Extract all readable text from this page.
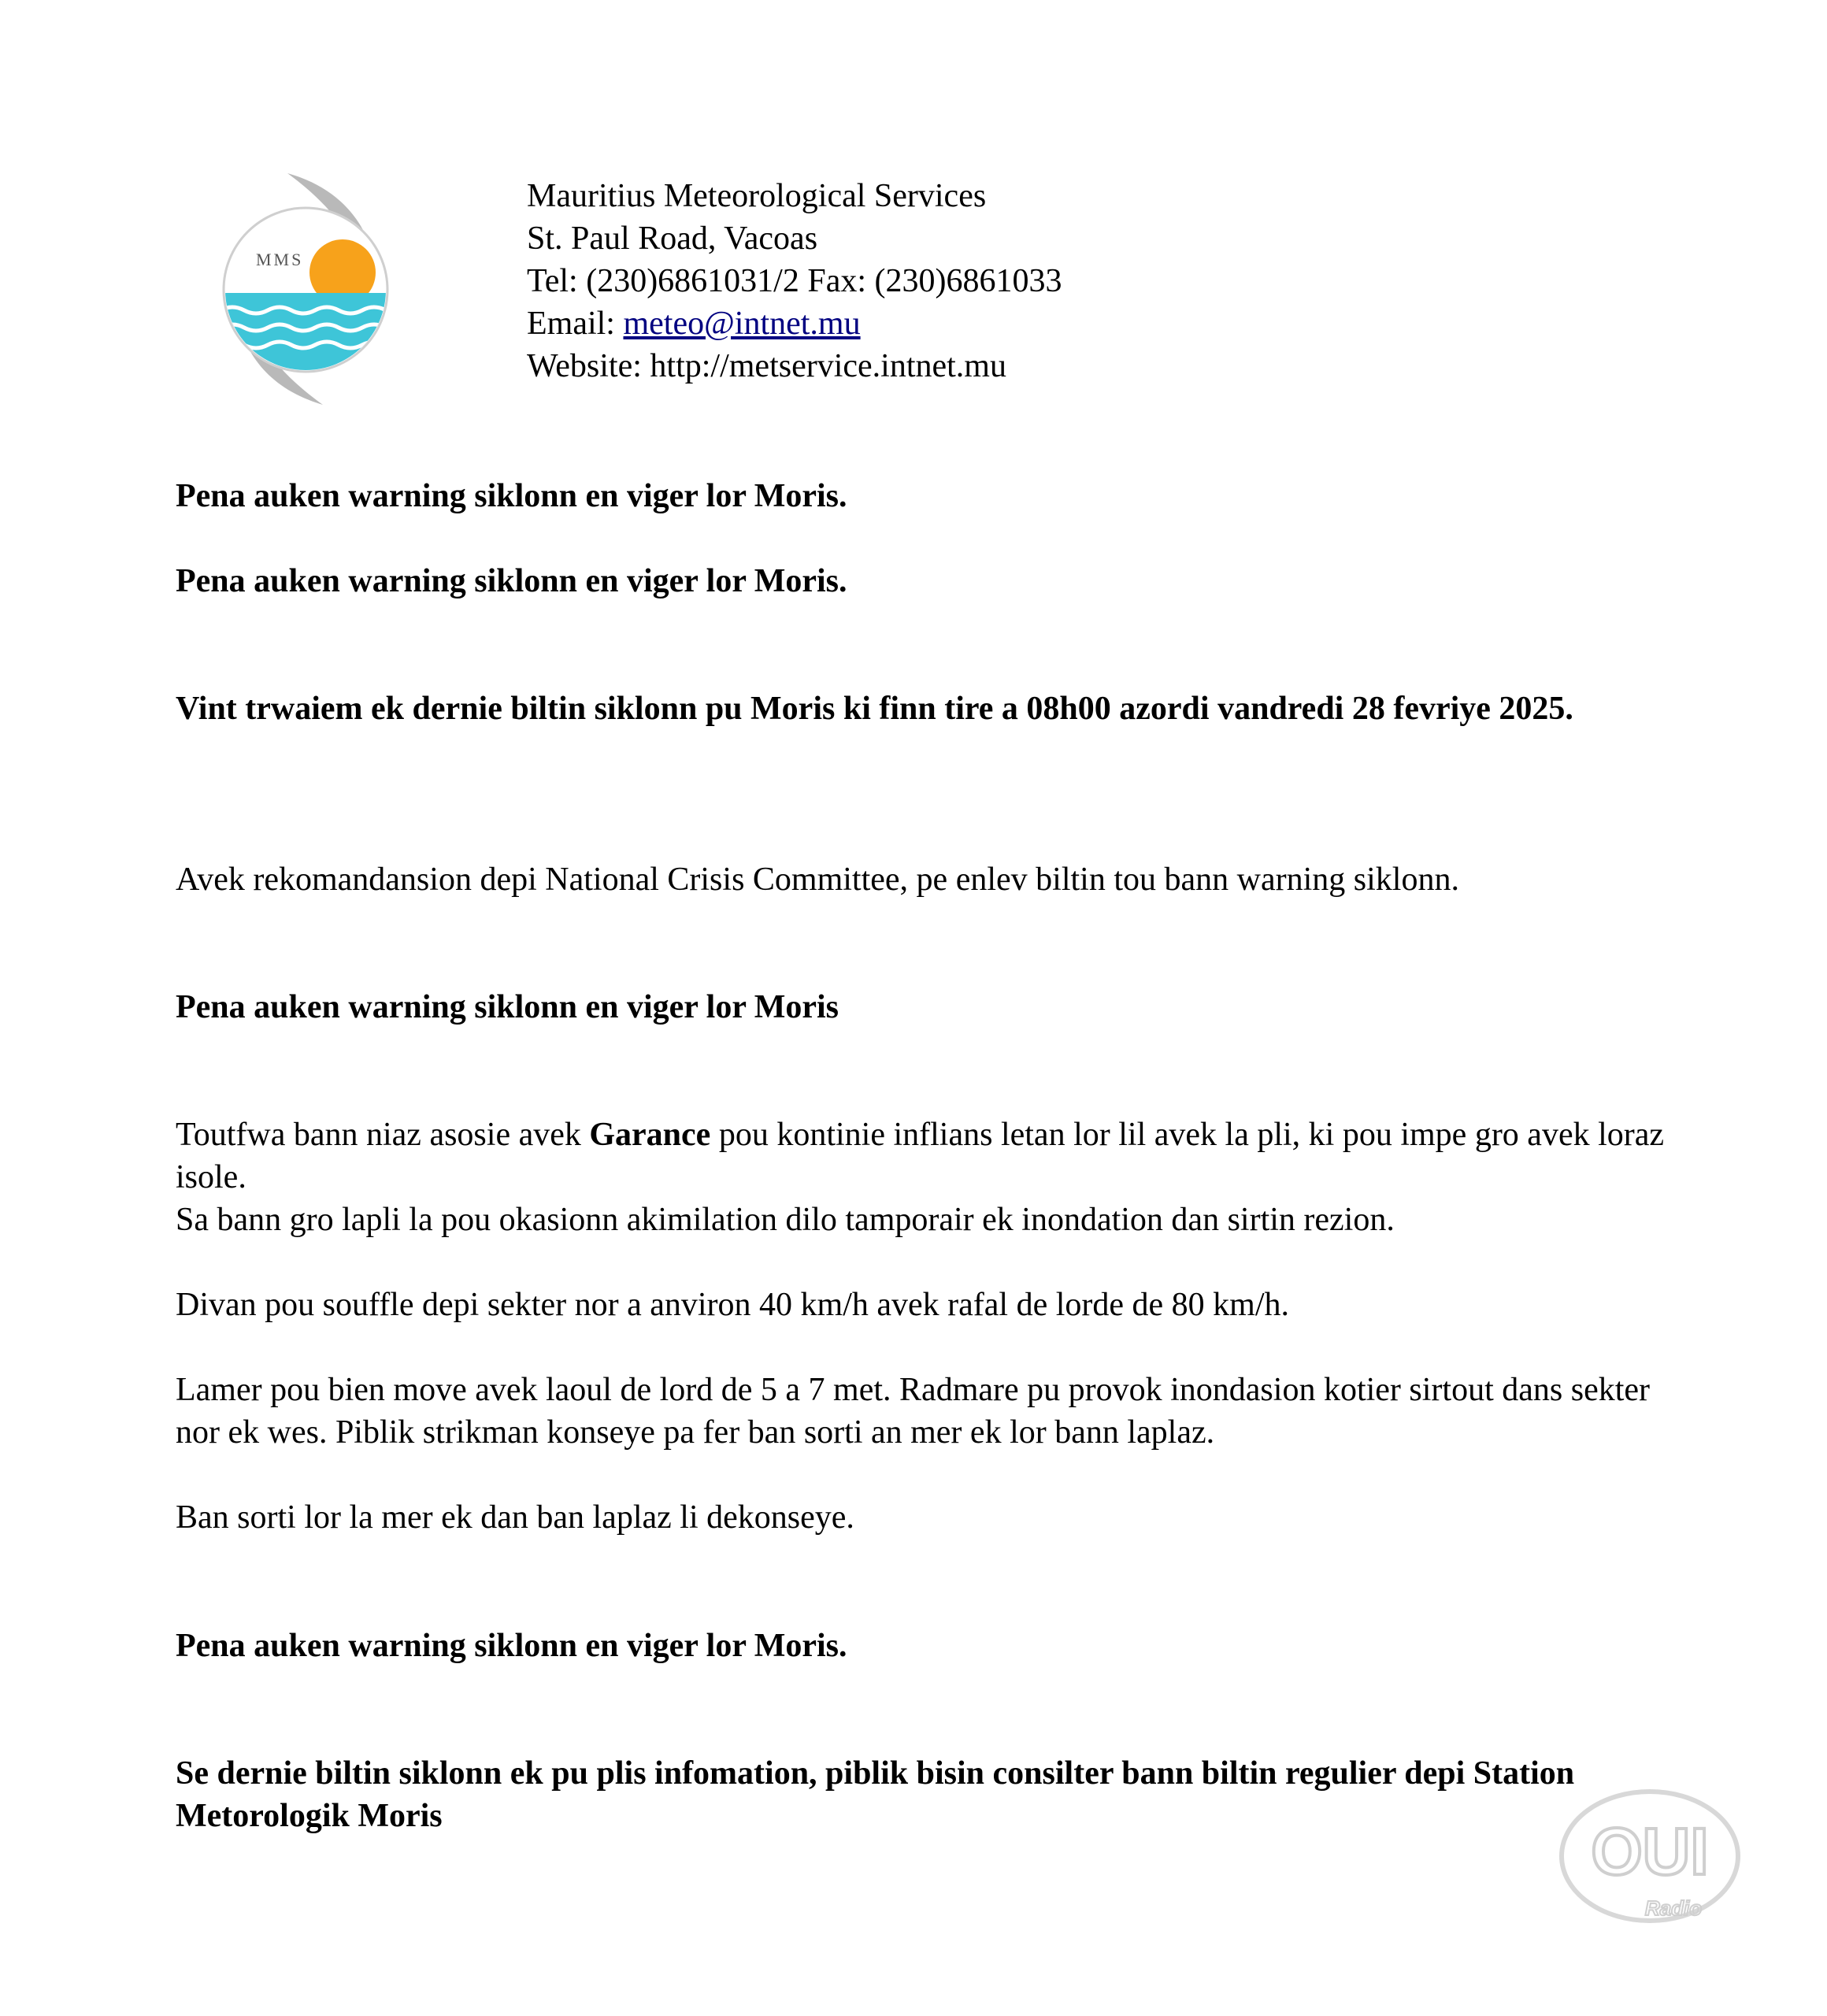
MMS
Mauritius Meteorological Services
St. Paul Road, Vacoas
Tel: (230)6861031/2 Fax: (230)6861033
Email: meteo@intnet.mu
Website: http://metservice.intnet.mu
Pena auken warning siklonn en viger lor Moris.
Pena auken warning siklonn en viger lor Moris.
Vint trwaiem ek dernie biltin siklonn pu Moris ki finn tire a 08h00 azordi vandredi 28 fevriye 2025.
Avek rekomandansion depi National Crisis Committee, pe enlev biltin tou bann warning siklonn.
Pena auken warning siklonn en viger lor Moris
Toutfwa bann niaz asosie avek Garance pou kontinie inflians letan lor lil avek la pli, ki pou impe gro avek loraz isole.
Sa bann gro lapli la pou okasionn akimilation dilo tamporair ek inondation dan sirtin rezion.
Divan pou souffle depi sekter nor a anviron 40 km/h avek rafal de lorde de 80 km/h.
Lamer pou bien move avek laoul de lord de 5 a 7 met. Radmare pu provok inondasion kotier sirtout dans sekter nor ek wes. Piblik strikman konseye pa fer ban sorti an mer ek lor bann laplaz.
Ban sorti lor la mer ek dan ban laplaz li dekonseye.
Pena auken warning siklonn en viger lor Moris.
Se dernie biltin siklonn ek pu plis infomation, piblik bisin consilter bann biltin regulier depi Station Metorologik Moris	OUI
Radio
